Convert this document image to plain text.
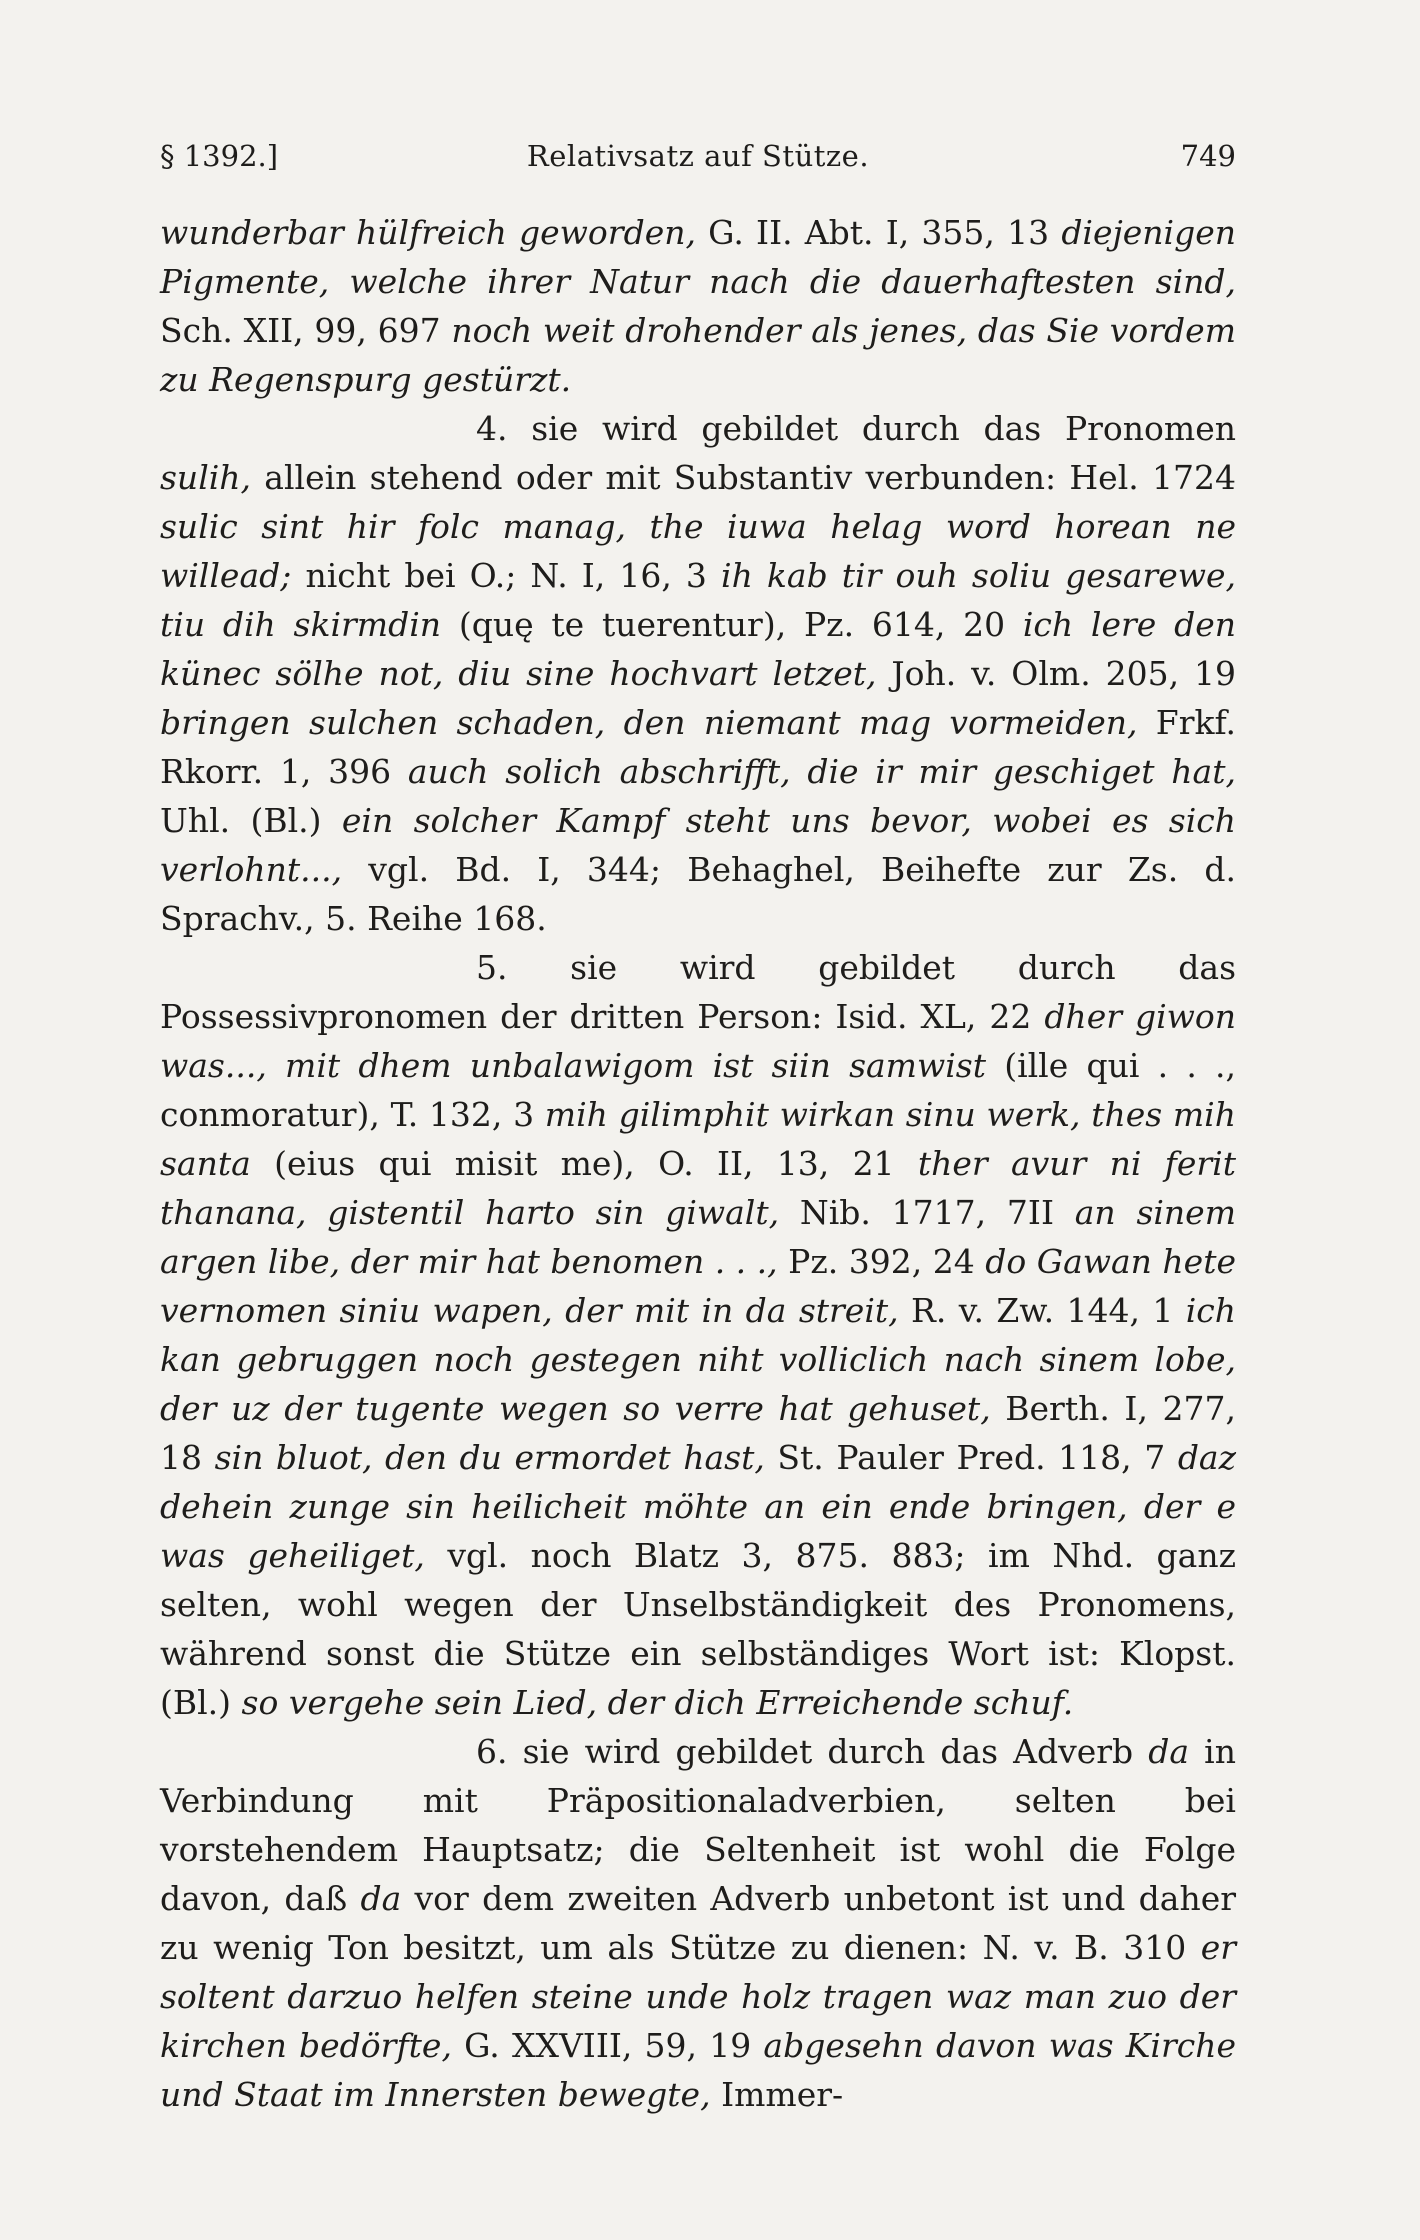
§ 1392.]	Relativsatz auf Stütze.	749

wunderbar hülfreich geworden, G. II. Abt. I, 355, 13 diejenigen Pigmente, welche ihrer Natur nach die dauerhaftesten sind, Sch. XII, 99, 697 noch weit drohender als jenes, das Sie vordem zu Regenspurg gestürzt.

4. sie wird gebildet durch das Pronomen sulih, allein stehend oder mit Substantiv verbunden: Hel. 1724 sulic sint hir folc manag, the iuwa helag word horean ne willead; nicht bei O.; N. I, 16, 3 ih kab tir ouh soliu gesarewe, tiu dih skirmdin (quę te tuerentur), Pz. 614, 20 ich lere den künec sölhe not, diu sine hochvart letzet, Joh. v. Olm. 205, 19 bringen sulchen schaden, den niemant mag vormeiden, Frkf. Rkorr. 1, 396 auch solich abschrifft, die ir mir geschiget hat, Uhl. (Bl.) ein solcher Kampf steht uns bevor, wobei es sich verlohnt..., vgl. Bd. I, 344; Behaghel, Beihefte zur Zs. d. Sprachv., 5. Reihe 168.

5. sie wird gebildet durch das Possessivpronomen der dritten Person: Isid. XL, 22 dher giwon was..., mit dhem unbalawigom ist siin samwist (ille qui . . ., conmoratur), T. 132, 3 mih gilimphit wirkan sinu werk, thes mih santa (eius qui misit me), O. II, 13, 21 ther avur ni ferit thanana, gistentil harto sin giwalt, Nib. 1717, 7II an sinem argen libe, der mir hat benomen . . ., Pz. 392, 24 do Gawan hete vernomen siniu wapen, der mit in da streit, R. v. Zw. 144, 1 ich kan gebruggen noch gestegen niht volliclich nach sinem lobe, der uz der tugente wegen so verre hat gehuset, Berth. I, 277, 18 sin bluot, den du ermordet hast, St. Pauler Pred. 118, 7 daz dehein zunge sin heilicheit möhte an ein ende bringen, der e was geheiliget, vgl. noch Blatz 3, 875. 883; im Nhd. ganz selten, wohl wegen der Unselbständigkeit des Pronomens, während sonst die Stütze ein selbständiges Wort ist: Klopst. (Bl.) so vergehe sein Lied, der dich Erreichende schuf.

6. sie wird gebildet durch das Adverb da in Verbindung mit Präpositionaladverbien, selten bei vorstehendem Hauptsatz; die Seltenheit ist wohl die Folge davon, daß da vor dem zweiten Adverb unbetont ist und daher zu wenig Ton besitzt, um als Stütze zu dienen: N. v. B. 310 er soltent darzuo helfen steine unde holz tragen waz man zuo der kirchen bedörfte, G. XXVIII, 59, 19 abgesehn davon was Kirche und Staat im Innersten bewegte, Immer-
